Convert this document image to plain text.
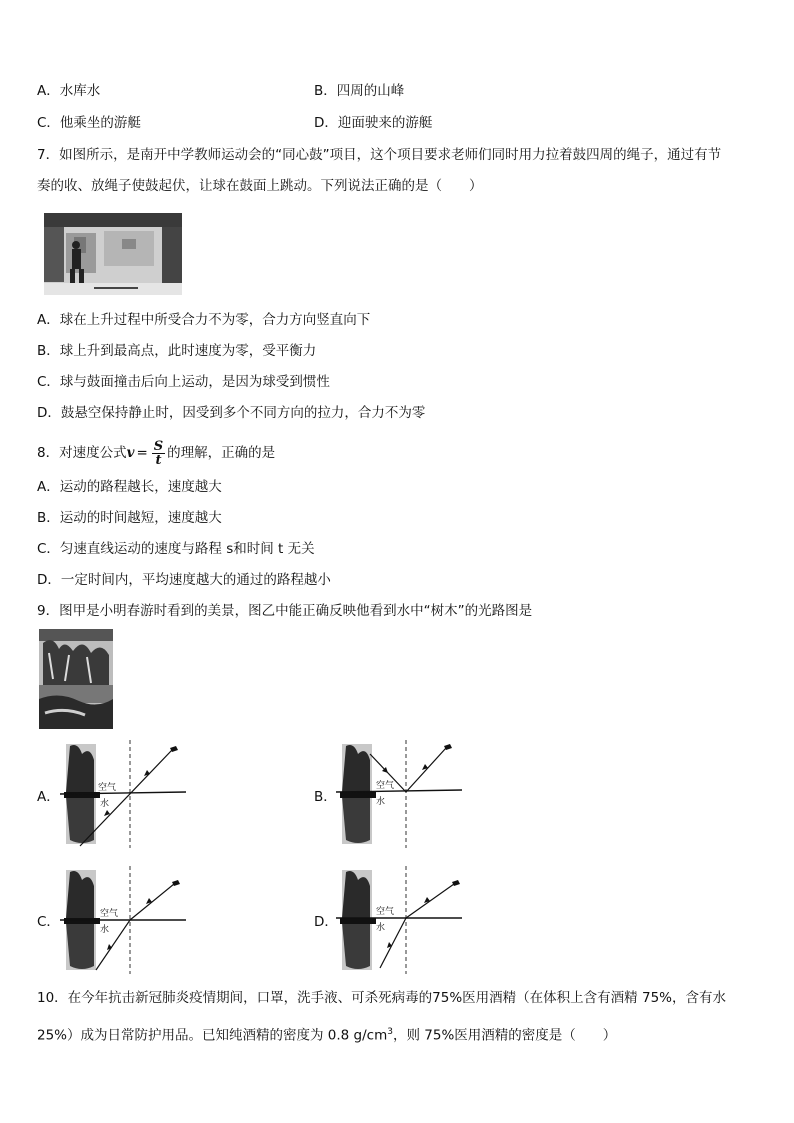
A．水库水	B．四周的山峰
C．他乘坐的游艇	D．迎面驶来的游艇
7．如图所示，是南开中学教师运动会的“同心鼓”项目，这个项目要求老师们同时用力拉着鼓四周的绳子，通过有节
奏的收、放绳子使鼓起伏，让球在鼓面上跳动。下列说法正确的是（　　）
A．球在上升过程中所受合力不为零，合力方向竖直向下
B．球上升到最高点，此时速度为零，受平衡力
C．球与鼓面撞击后向上运动，是因为球受到惯性
D．鼓悬空保持静止时，因受到多个不同方向的拉力，合力不为零
8．对速度公式$v = \frac{S}{t}$ 的理解，正确的是
A．运动的路程越长，速度越大
B．运动的时间越短，速度越大
C．匀速直线运动的速度与路程 s和时间 t 无关
D．一定时间内，平均速度越大的通过的路程越小
9．图甲是小明春游时看到的美景，图乙中能正确反映他看到水中“树木”的光路图是
A．
空气
水	B．
空气
水
C．	空气
水	D．
空气
水
10．在今年抗击新冠肺炎疫情期间，口罩，洗手液、可杀死病毒的75%医用酒精（在体积上含有酒精 75%，含有水
25%）成为日常防护用品。已知纯酒精的密度为 0.8 $g/cm^3$，则 75%医用酒精的密度是（　　）
